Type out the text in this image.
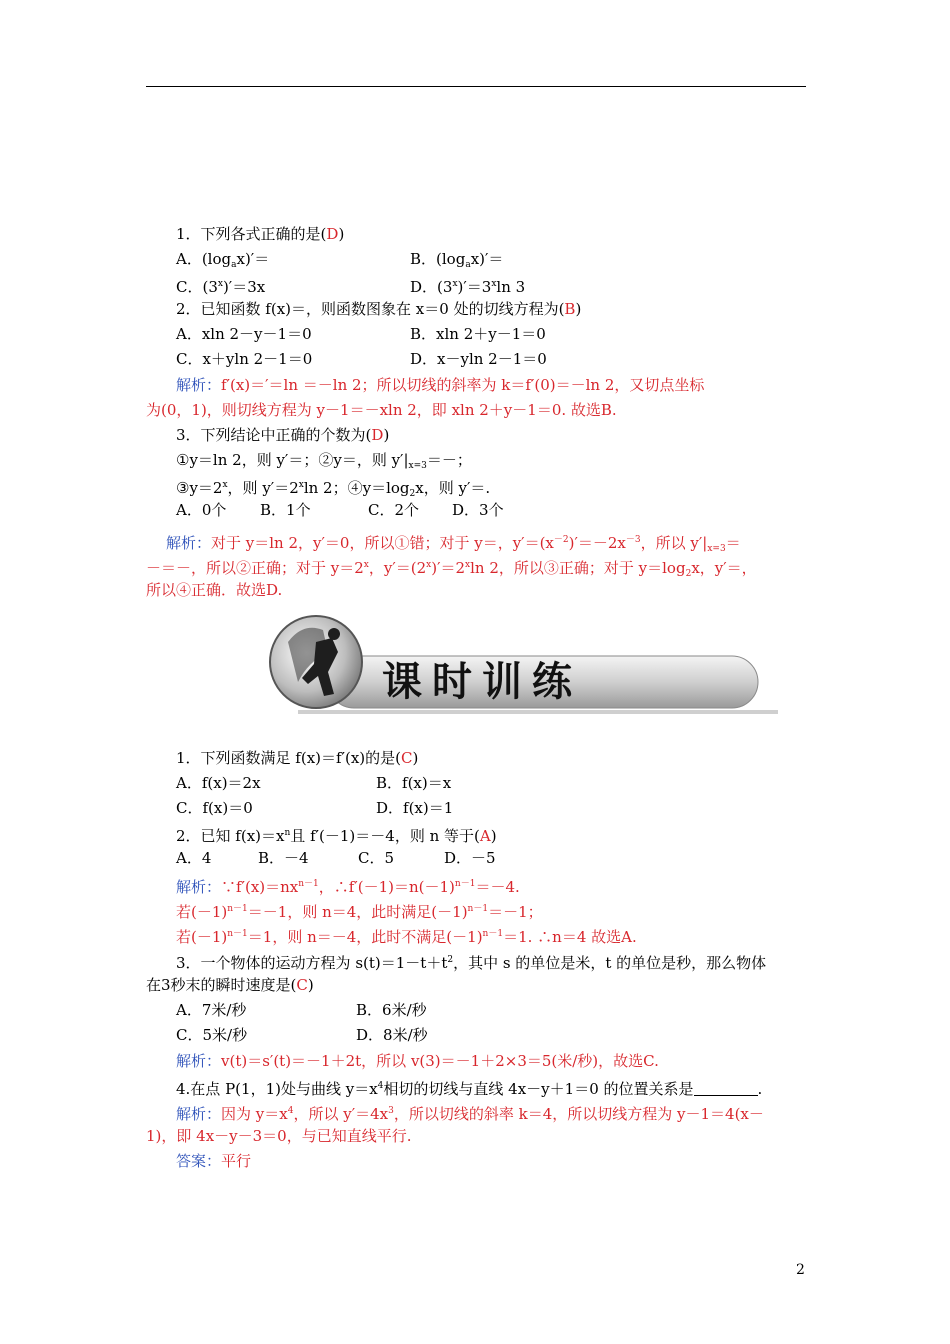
1．下列各式正确的是(D)
A．$(\log_ax)'=$	B．$(\log_ax)'=$
C．$(3^x)'=3x$	D．$(3^x)'=3^x\ln$ 3
2．已知函数 f(x)＝，则函数图象在 x＝0 处的切线方程为(B)
A．xln 2－y－1＝0	B．xln 2＋y－1＝0
C．x＋yln 2－1＝0	D．x－yln 2－1＝0
解析：f′(x)＝′＝ln ＝－ln 2；所以切线的斜率为 k＝f′(0)＝－ln 2，又切点坐标
为(0，1)，则切线方程为 y－1＝－xln 2，即 xln 2＋y－1＝0. 故选B.
3．下列结论中正确的个数为(D)
①y＝ln 2，则 y′＝；②y＝，则 $y'|_{x=3}=-$；
$③y=2^x$，则 $y'=2^x\ln$ 2；$④y=\log_2x$，则 y′＝.
A．0个	B．1个	C．2个	D．3个
解析：对于 y＝ln 2，y′＝0，所以①错；对于 y＝，$y'=(x^{-2})'=-2x^{-3}$，所以 $y'|_{x=3}=$
－＝－，所以②正确；对于 $y=2^x$，$y'=(2^x)'=2^x\ln$ 2，所以③正确；对于 $y=\log_2x$，y′＝，
所以④正确．故选D.
课时训练
1．下列函数满足 f(x)＝f′(x)的是(C)
A．f(x)＝2x	B．f(x)＝x
C．f(x)＝0	D．f(x)＝1
2．已知 $f(x)=x^n$且 f′(－1)＝－4，则 n 等于(A)
A．4	B．－4	C．5	D．－5
解析：$\because f'(x)=nx^{n-1}$，$\therefore f'(-1)=n(-1)^{n-1}=-4$.
若$(-1)^{n-1}=-1$，则 n＝4，此时满足$(-1)^{n-1}=-1$；
若$(-1)^{n-1}=1$，则 n＝－4，此时不满足$(-1)^{n-1}=1$. ∴n＝4 故选A.
3．一个物体的运动方程为 $s(t)=1-t+t^2$，其中 s 的单位是米，t 的单位是秒，那么物体
在3秒末的瞬时速度是(C)
A．7米/秒	B．6米/秒
C．5米/秒	D．8米/秒
解析：v(t)＝s′(t)＝－1＋2t，所以 v(3)＝－1＋2×3＝5(米/秒)，故选C.
4.在点 P(1，1)处与曲线 $y=x^4$相切的切线与直线 4x－y＋1＝0 的位置关系是	.
解析：因为 $y=x^4$，所以 $y'=4x^3$，所以切线的斜率 k＝4，所以切线方程为 y－1＝4(x－
1)，即 4x－y－3＝0，与已知直线平行.
答案：平行
2
